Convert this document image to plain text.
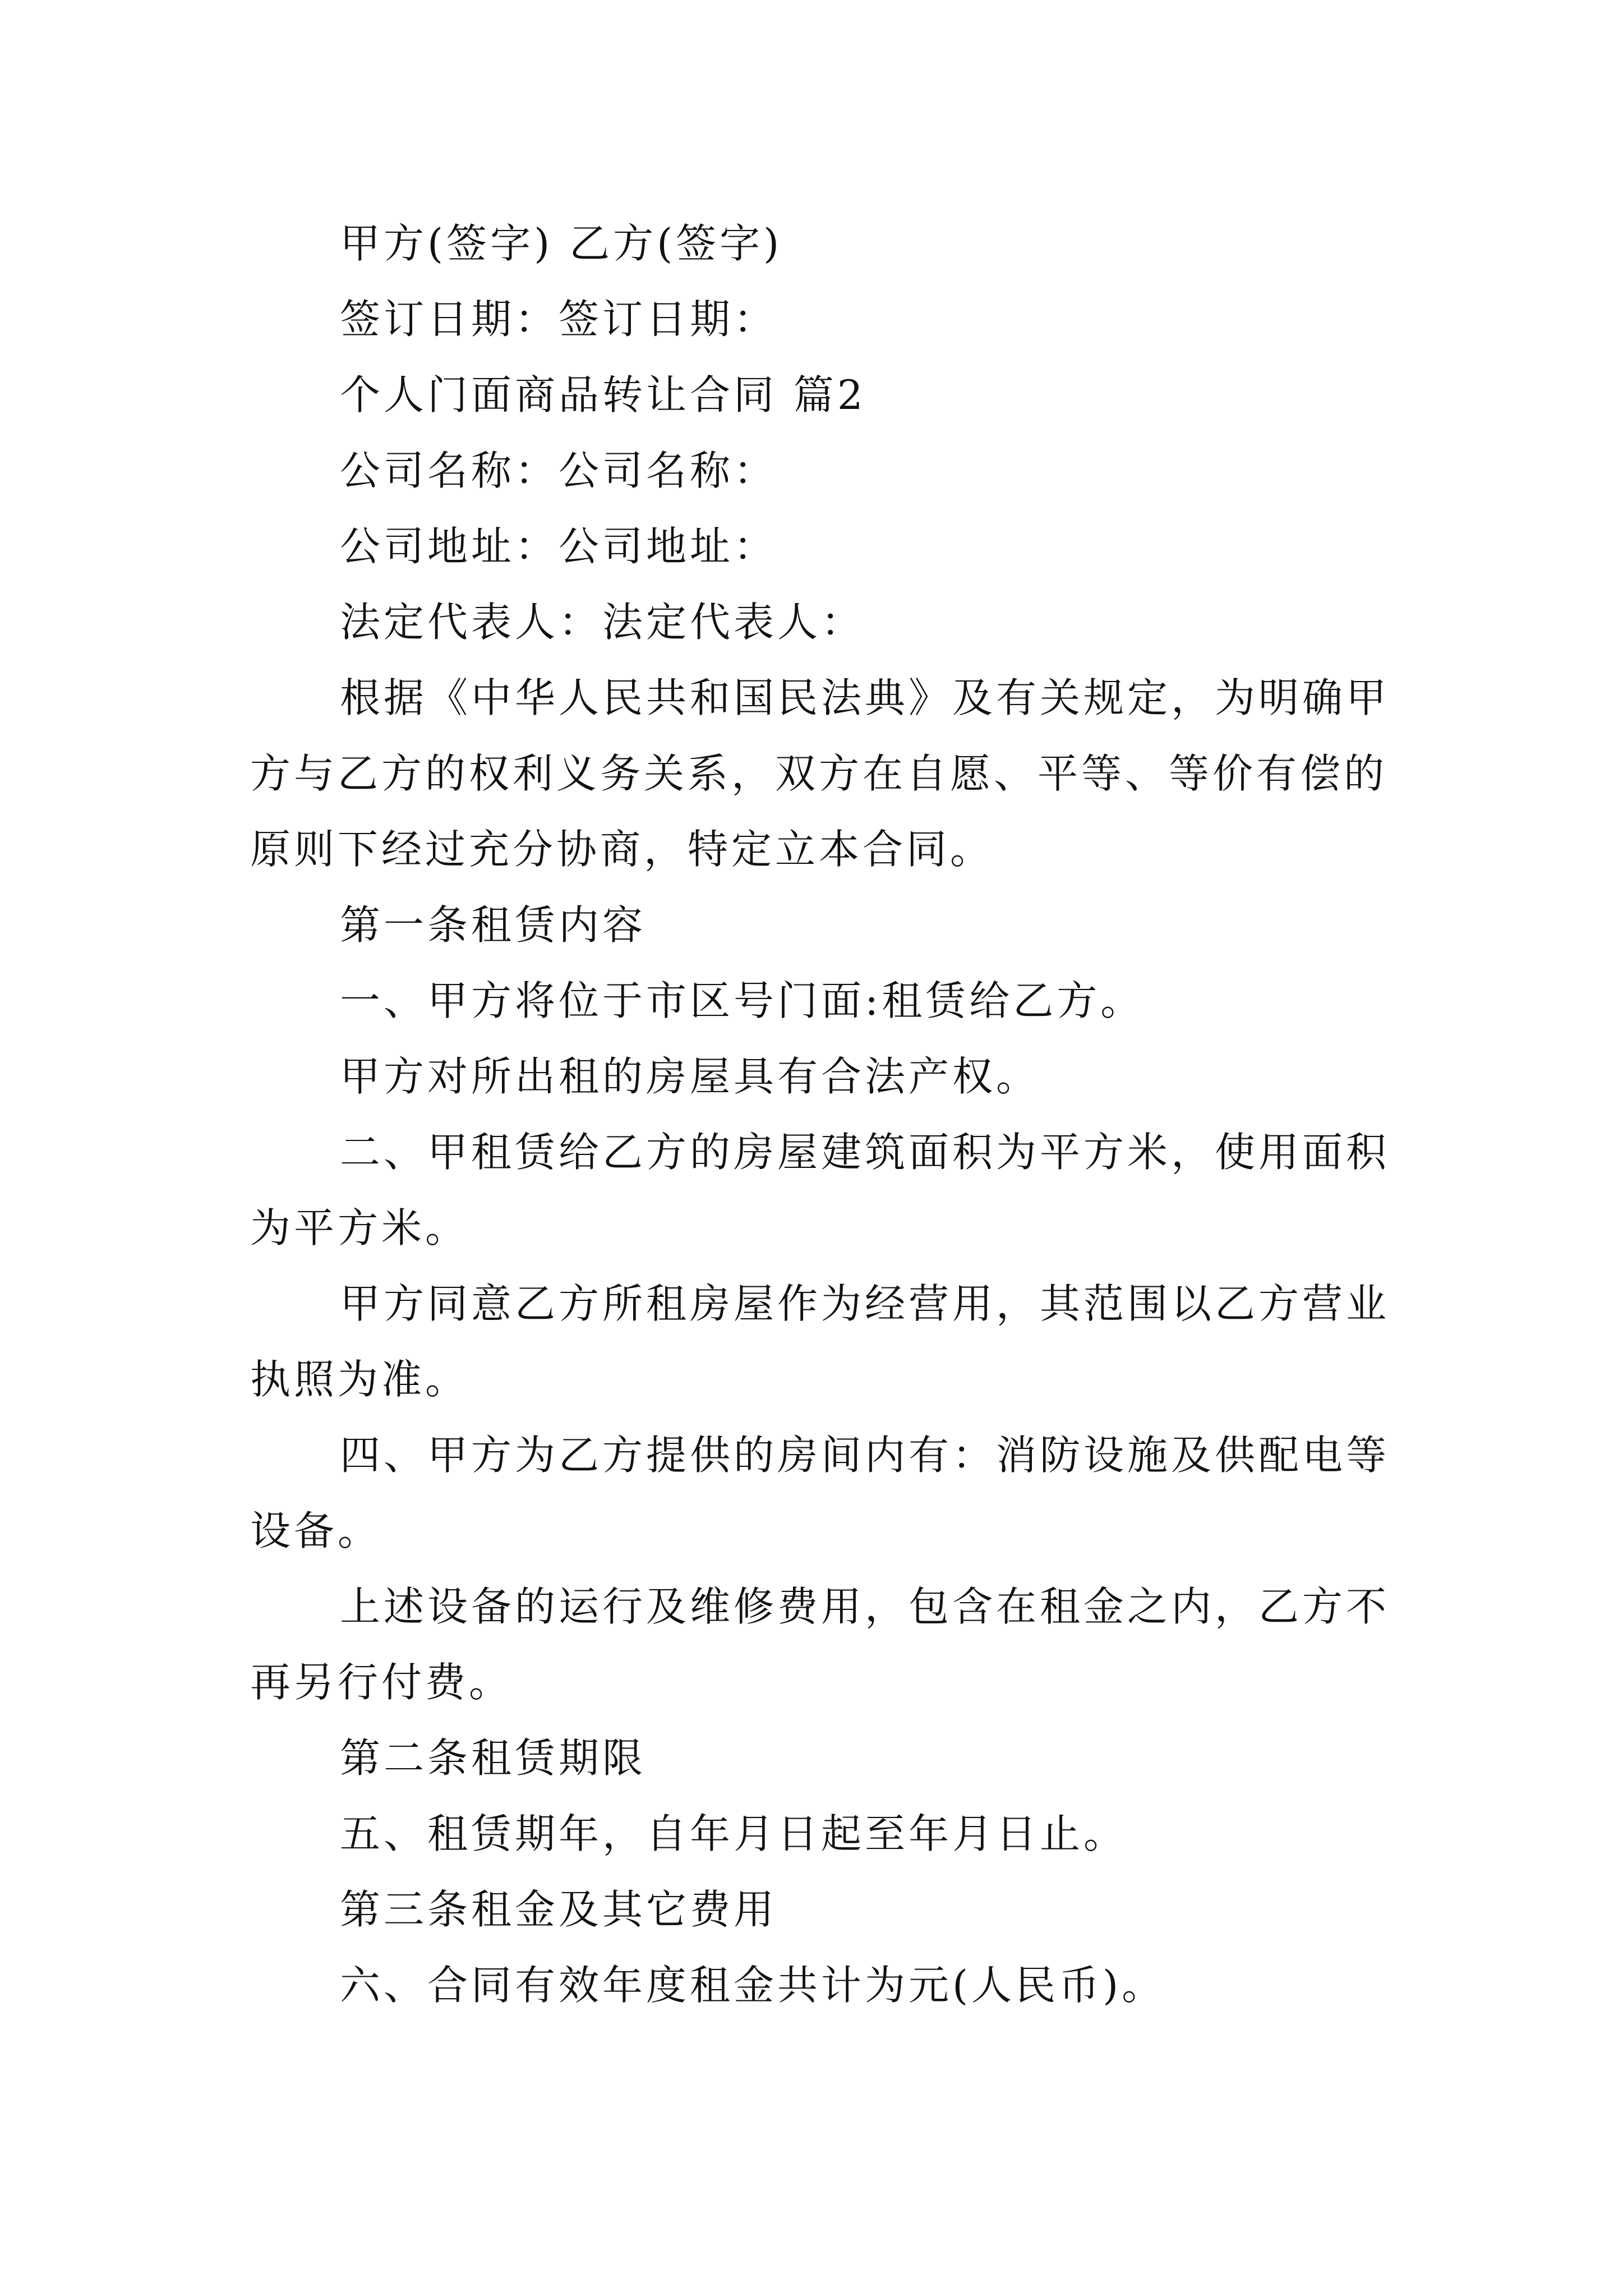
甲方(签字) 乙方(签字)

签订日期：签订日期：

个人门面商品转让合同 篇2

公司名称：公司名称：

公司地址：公司地址：

法定代表人：法定代表人：

根据《中华人民共和国民法典》及有关规定，为明确甲

方与乙方的权利义务关系，双方在自愿、平等、等价有偿的

原则下经过充分协商，特定立本合同。

第一条租赁内容

一、甲方将位于市区号门面:租赁给乙方。

甲方对所出租的房屋具有合法产权。

二、甲租赁给乙方的房屋建筑面积为平方米，使用面积

为平方米。

甲方同意乙方所租房屋作为经营用，其范围以乙方营业

执照为准。

四、甲方为乙方提供的房间内有：消防设施及供配电等

设备。

上述设备的运行及维修费用，包含在租金之内，乙方不

再另行付费。

第二条租赁期限

五、租赁期年，自年月日起至年月日止。

第三条租金及其它费用

六、合同有效年度租金共计为元(人民币)。
